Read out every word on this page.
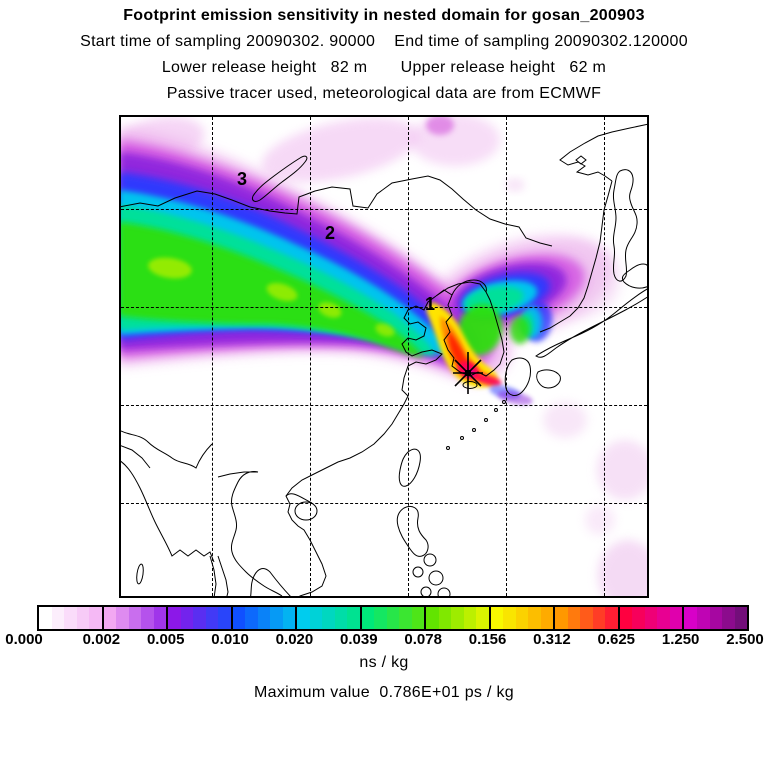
Footprint emission sensitivity in nested domain for gosan_200903
Start time of sampling 20090302. 90000    End time of sampling 20090302.120000
Lower release height   82 m       Upper release height   62 m
Passive tracer used, meteorological data are from ECMWF
1
2
3
0.000	0.002 0.005 0.010 0.020 0.039 0.078 0.156 0.312 0.625 1.250 2.500
ns / kg
Maximum value  0.786E+01 ps / kg
